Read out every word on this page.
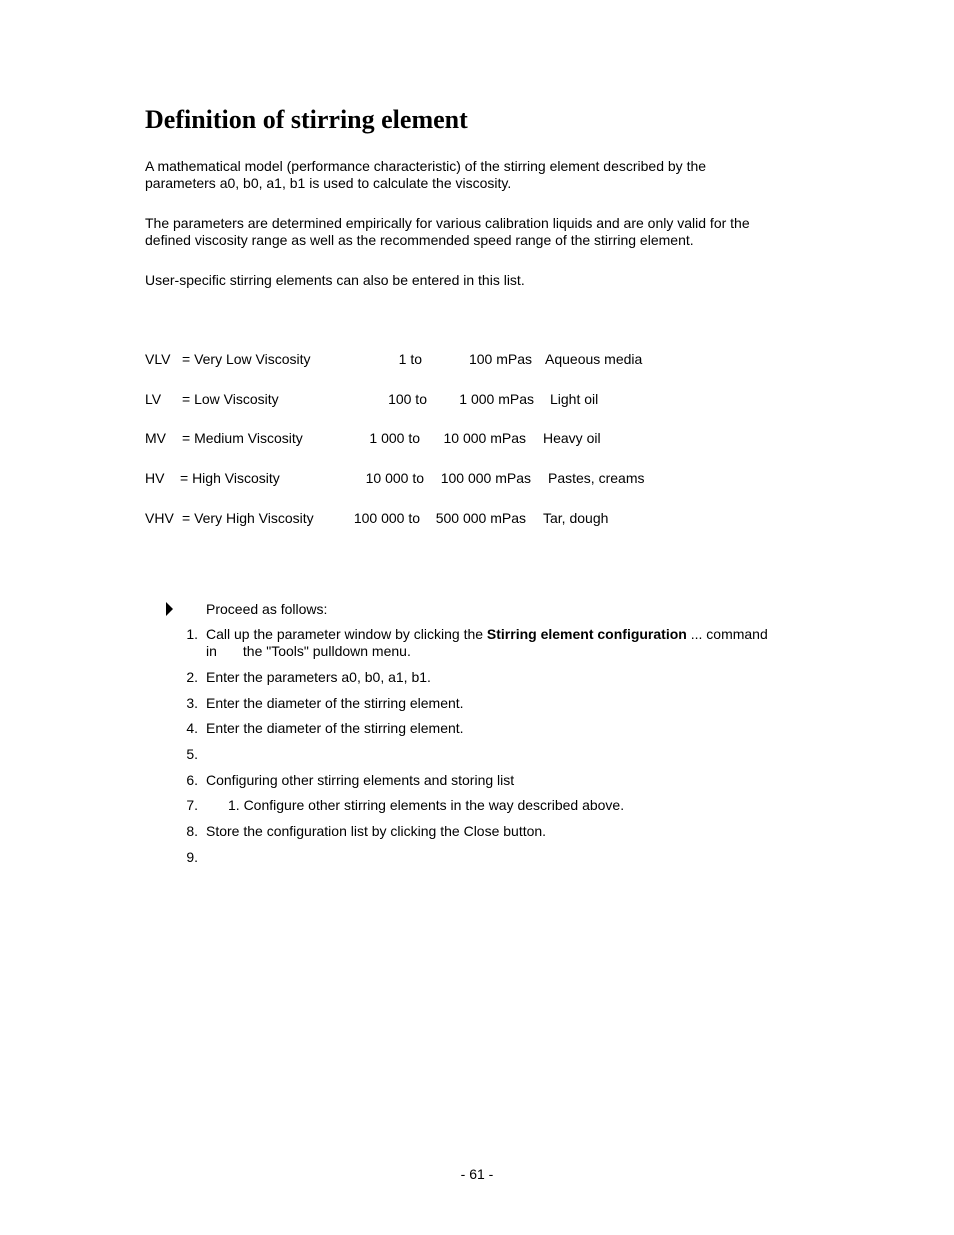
Definition of stirring element

A mathematical model (performance characteristic) of the stirring element described by the
parameters a0, b0, a1, b1 is used to calculate the viscosity.

The parameters are determined empirically for various calibration liquids and are only valid for the
defined viscosity range as well as the recommended speed range of the stirring element.

User-specific stirring elements can also be entered in this list.

VLV = Very Low Viscosity	1 to	100 mPas Aqueous media
LV = Low Viscosity	100 to 1 000 mPas Light oil
MV = Medium Viscosity	1 000 to 10 000 mPas Heavy oil
HV = High Viscosity	10 000 to 100 000 mPas Pastes, creams
VHV = Very High Viscosity	100 000 to 500 000 mPas Tar, dough
Proceed as follows:
1. Call up the parameter window by clicking the Stirring element configuration ... command
in the "Tools" pulldown menu.
2. Enter the parameters a0, b0, a1, b1.
3. Enter the diameter of the stirring element.
4. Enter the diameter of the stirring element.
5.
6. Configuring other stirring elements and storing list
7. 1. Configure other stirring elements in the way described above.
8. Store the configuration list by clicking the Close button.
9.
- 61 -
